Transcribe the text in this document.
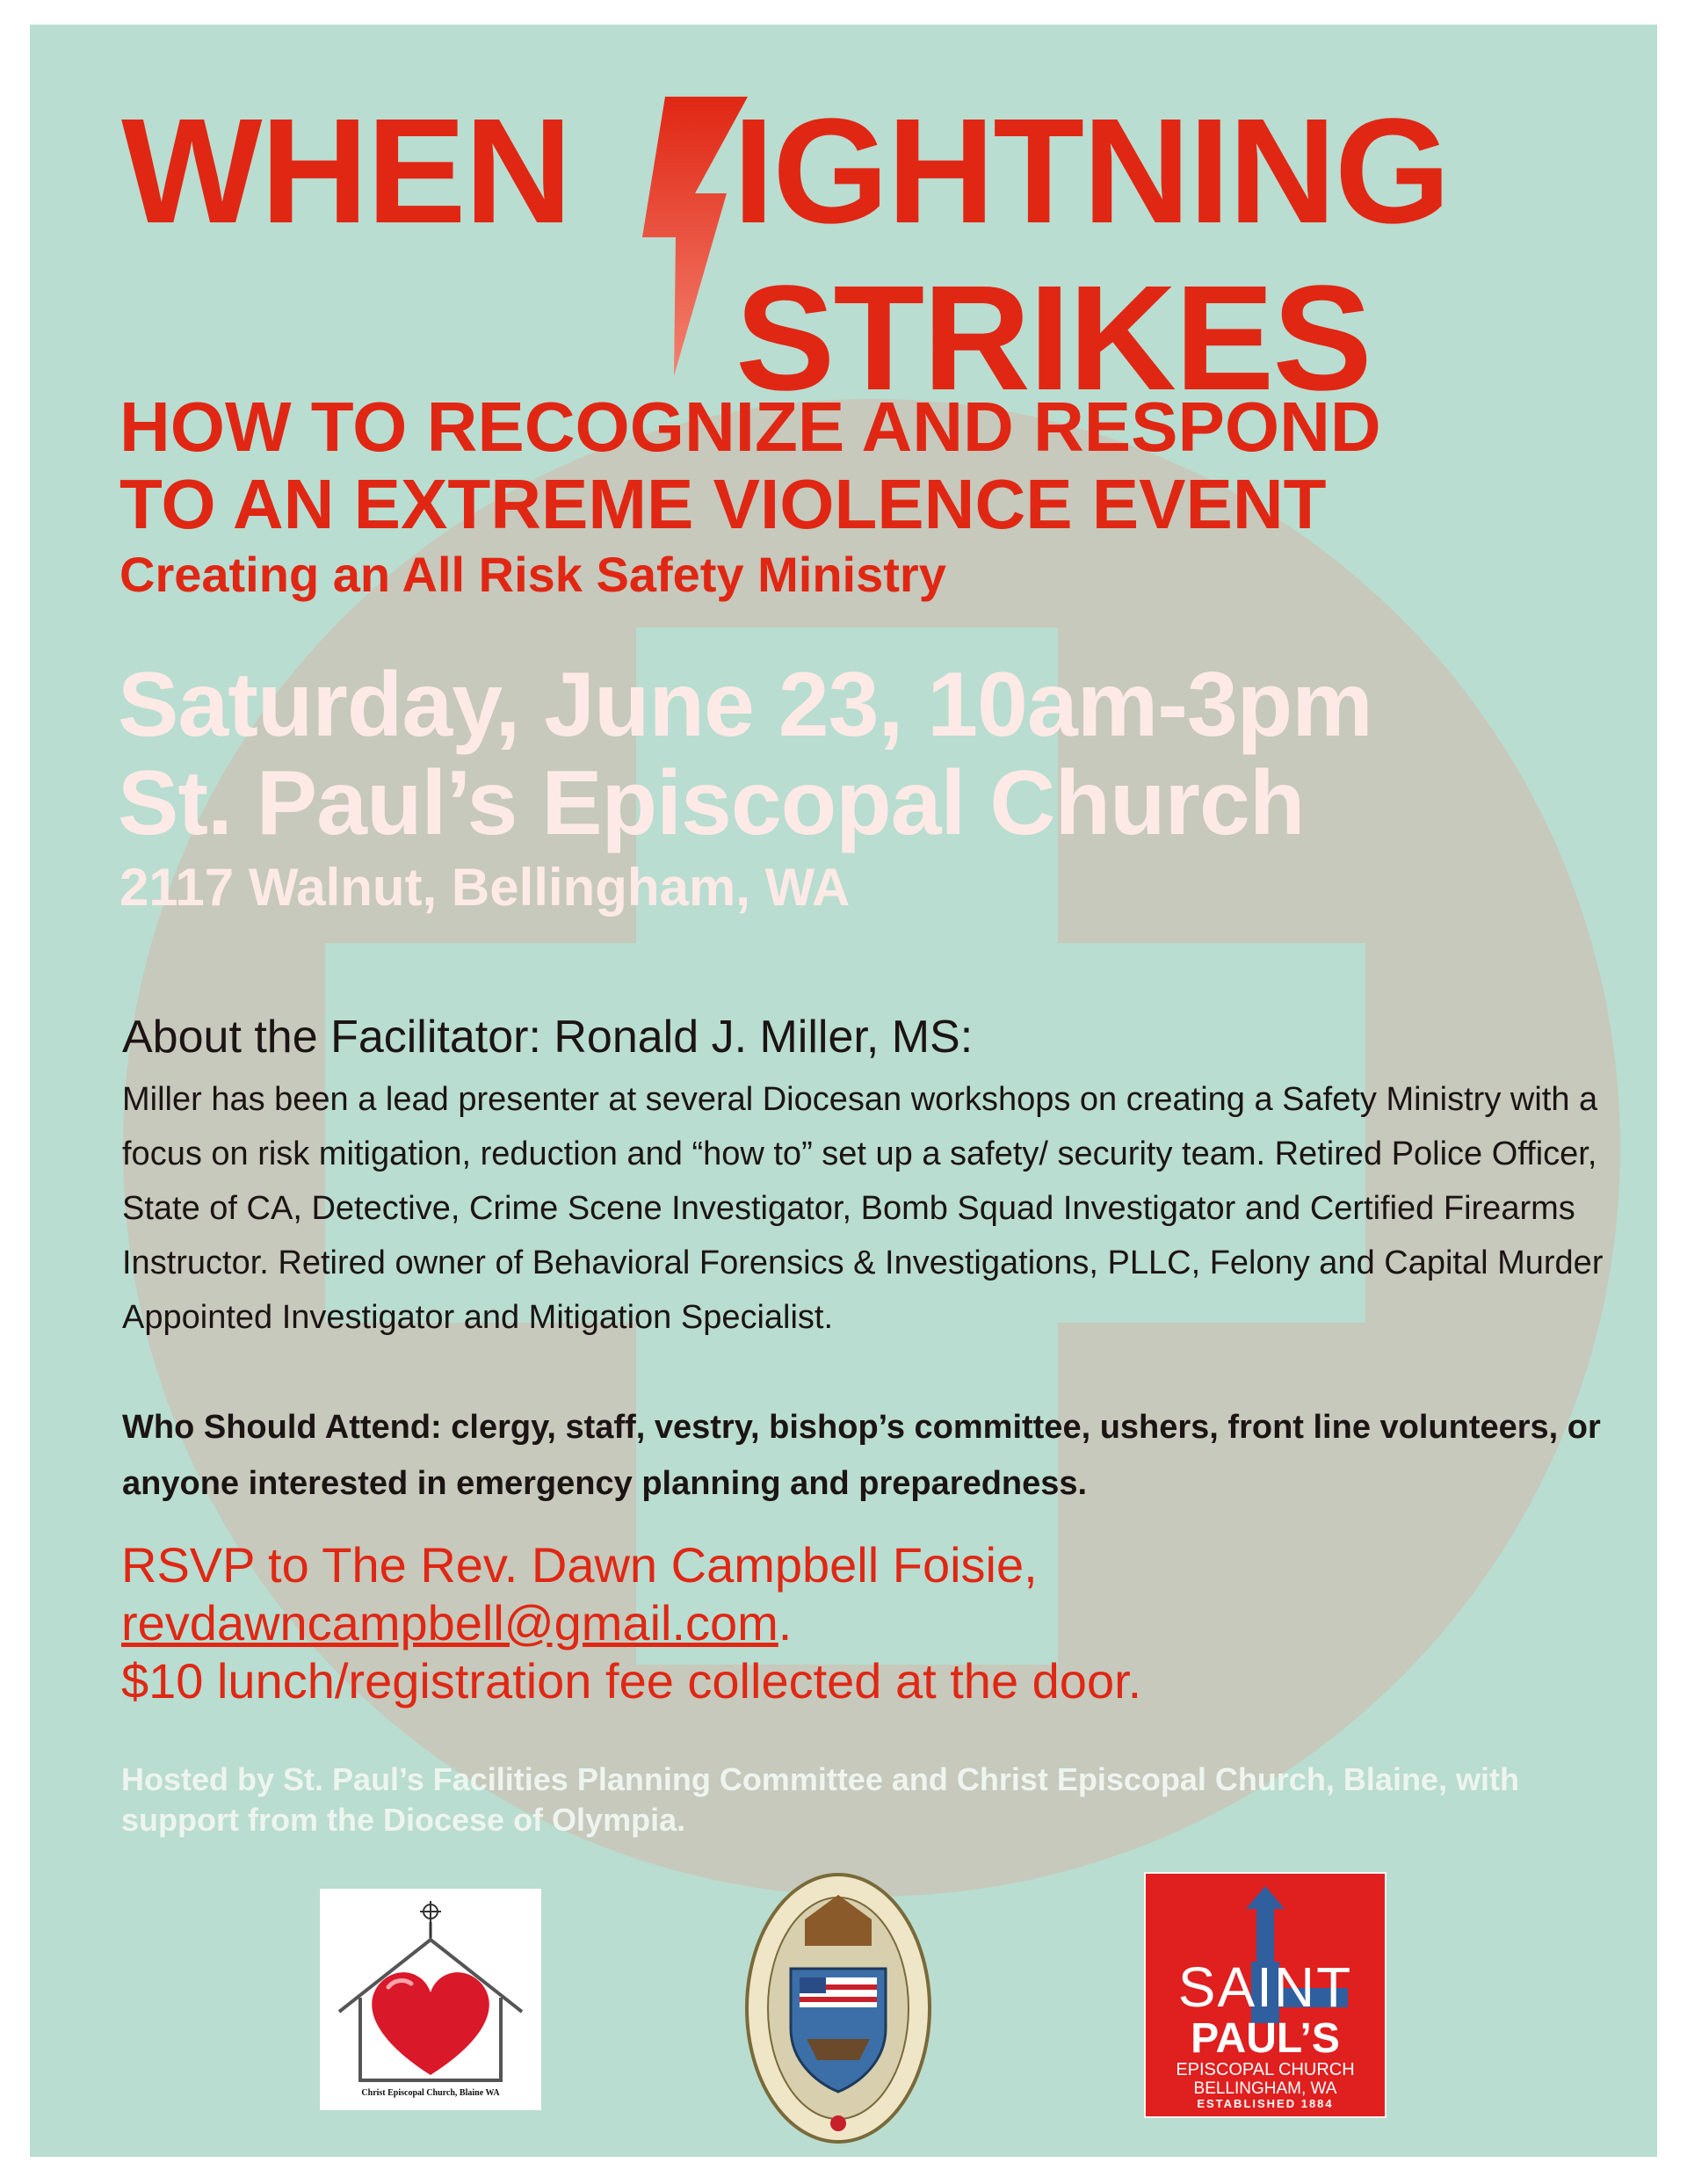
WHEN IGHTNING
STRIKES
HOW TO RECOGNIZE AND RESPOND
TO AN EXTREME VIOLENCE EVENT
Creating an All Risk Safety Ministry
Saturday, June 23, 10am-3pm
St. Paul’s Episcopal Church
2117 Walnut, Bellingham, WA
About the Facilitator: Ronald J. Miller, MS:
Miller has been a lead presenter at several Diocesan workshops on creating a Safety Ministry with a focus on risk mitigation, reduction and “how to” set up a safety/ security team. Retired Police Officer, State of CA, Detective, Crime Scene Investigator, Bomb Squad Investigator and Certified Firearms Instructor. Retired owner of Behavioral Forensics & Investigations, PLLC, Felony and Capital Murder Appointed Investigator and Mitigation Specialist.
Who Should Attend: clergy, staff, vestry, bishop’s committee, ushers, front line volunteers, or anyone interested in emergency planning and preparedness.
RSVP to The Rev. Dawn Campbell Foisie,
revdawncampbell@gmail.com.
$10 lunch/registration fee collected at the door.
Hosted by St. Paul’s Facilities Planning Committee and Christ Episcopal Church, Blaine, with support from the Diocese of Olympia.
Christ Episcopal Church, Blaine WA
SAINT
PAUL’S
EPISCOPAL CHURCH
BELLINGHAM, WA
ESTABLISHED 1884
